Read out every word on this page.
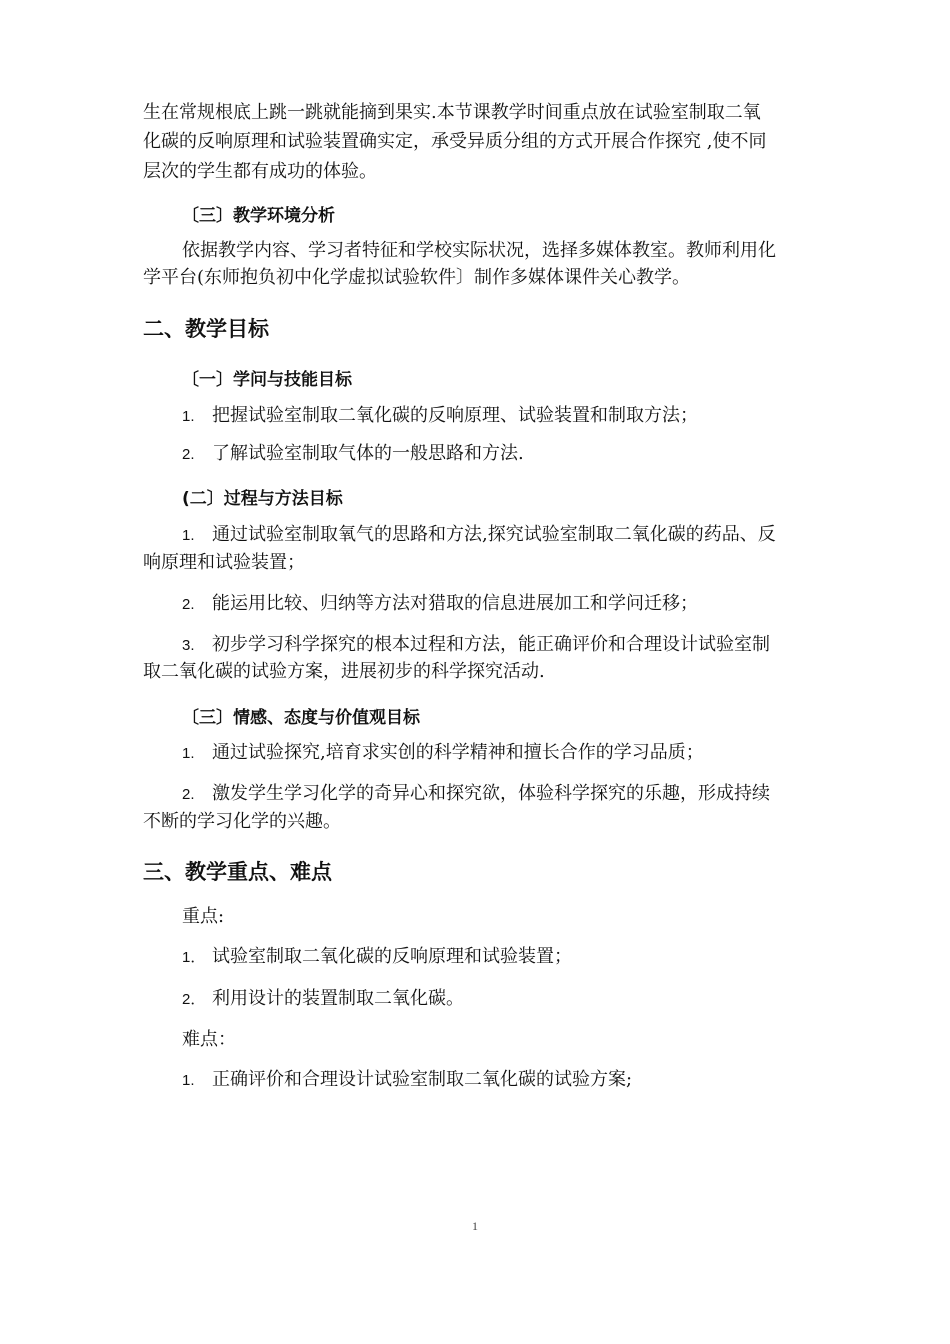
生在常规根底上跳一跳就能摘到果实.本节课教学时间重点放在试验室制取二氧
化碳的反响原理和试验装置确实定，承受异质分组的方式开展合作探究 ,使不同
层次的学生都有成功的体验。
〔三〕教学环境分析
依据教学内容、学习者特征和学校实际状况，选择多媒体教室。教师利用化
学平台(东师抱负初中化学虚拟试验软件〕制作多媒体课件关心教学。
二、教学目标
〔一〕学问与技能目标
1. 把握试验室制取二氧化碳的反响原理、试验装置和制取方法；
2. 了解试验室制取气体的一般思路和方法.
(二〕过程与方法目标
1. 通过试验室制取氧气的思路和方法,探究试验室制取二氧化碳的药品、反
响原理和试验装置；
2. 能运用比较、归纳等方法对猎取的信息进展加工和学问迁移；
3. 初步学习科学探究的根本过程和方法，能正确评价和合理设计试验室制
取二氧化碳的试验方案，进展初步的科学探究活动.
〔三〕情感、态度与价值观目标
1. 通过试验探究,培育求实创的科学精神和擅长合作的学习品质；
2. 激发学生学习化学的奇异心和探究欲，体验科学探究的乐趣，形成持续
不断的学习化学的兴趣。
三、教学重点、难点
重点:
1． 试验室制取二氧化碳的反响原理和试验装置；
2． 利用设计的装置制取二氧化碳。
难点：
1. 正确评价和合理设计试验室制取二氧化碳的试验方案;
1
